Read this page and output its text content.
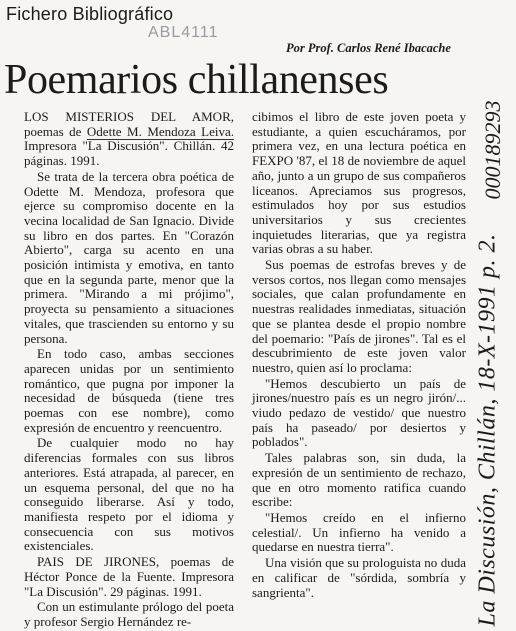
Fichero Bibliográfico
ABL4111
Por Prof. Carlos René Ibacache
Poemarios chillanenses

LOS MISTERIOS DEL AMOR, poemas de Odette M. Mendoza Leiva. Impresora "La Discusión". Chillán. 42 páginas. 1991.

Se trata de la tercera obra poética de Odette M. Mendoza, profesora que ejerce su compromiso docente en la vecina localidad de San Ignacio. Divide su libro en dos partes. En "Corazón Abierto", carga su acento en una posición intimista y emotiva, en tanto que en la segunda parte, menor que la primera. "Mirando a mi prójimo", proyecta su pensamiento a situaciones vitales, que trascienden su entorno y su persona.

En todo caso, ambas secciones aparecen unidas por un sentimiento romántico, que pugna por imponer la necesidad de búsqueda (tiene tres poemas con ese nombre), como expresión de encuentro y reencuentro.

De cualquier modo no hay diferencias formales con sus libros anteriores. Está atrapada, al parecer, en un esquema personal, del que no ha conseguido liberarse. Así y todo, manifiesta respeto por el idioma y consecuencia con sus motivos existenciales.

PAIS DE JIRONES, poemas de Héctor Ponce de la Fuente. Impresora "La Discusión". 29 páginas. 1991.

Con un estimulante prólogo del poeta y profesor Sergio Hernández re-

cibimos el libro de este joven poeta y estudiante, a quien escucháramos, por primera vez, en una lectura poética en FEXPO '87, el 18 de noviembre de aquel año, junto a un grupo de sus compañeros liceanos. Apreciamos sus progresos, estimulados hoy por sus estudios universitarios y sus crecientes inquietudes literarias, que ya registra varias obras a su haber.

Sus poemas de estrofas breves y de versos cortos, nos llegan como mensajes sociales, que calan profundamente en nuestras realidades inmediatas, situación que se plantea desde el propio nombre del poemario: "País de jirones". Tal es el descubrimiento de este joven valor nuestro, quien así lo proclama:

"Hemos descubierto un país de jirones/nuestro país es un negro jirón/... viudo pedazo de vestido/ que nuestro país ha paseado/ por desiertos y poblados".

Tales palabras son, sin duda, la expresión de un sentimiento de rechazo, que en otro momento ratifica cuando escribe:

"Hemos creído en el infierno celestial/. Un infierno ha venido a quedarse en nuestra tierra".

Una visión que su prologuista no duda en calificar de "sórdida, sombría y sangrienta".

000189293
La Discusión, Chillán, 18-X-1991 p. 2.
